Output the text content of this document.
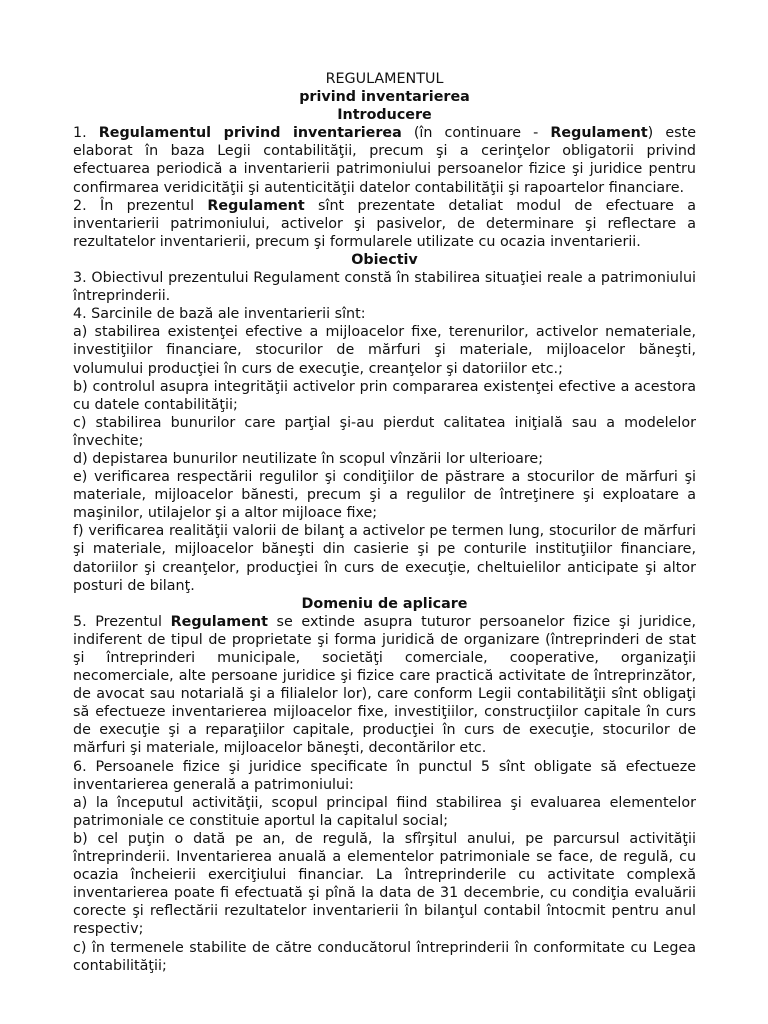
REGULAMENTUL
privind inventarierea
Introducere

1. Regulamentul privind inventarierea (în continuare - Regulament) este elaborat în baza Legii contabilităţii, precum şi a cerinţelor obligatorii privind efectuarea periodică a inventarierii patrimoniului persoanelor fizice şi juridice pentru confirmarea veridicităţii şi autenticităţii datelor contabilităţii şi rapoartelor financiare.

2. În prezentul Regulament sînt prezentate detaliat modul de efectuare a inventarierii patrimoniului, activelor şi pasivelor, de determinare şi reflectare a rezultatelor inventarierii, precum şi formularele utilizate cu ocazia inventarierii.

Obiectiv

3. Obiectivul prezentului Regulament constă în stabilirea situaţiei reale a patrimoniului întreprinderii.

4. Sarcinile de bază ale inventarierii sînt:

a) stabilirea existenţei efective a mijloacelor fixe, terenurilor, activelor nemateriale, investiţiilor financiare, stocurilor de mărfuri şi materiale, mijloacelor băneşti, volumului producţiei în curs de execuţie, creanţelor şi datoriilor etc.;

b) controlul asupra integrităţii activelor prin compararea existenţei efective a acestora cu datele contabilităţii;

c) stabilirea bunurilor care parţial şi-au pierdut calitatea iniţială sau a modelelor învechite;

d) depistarea bunurilor neutilizate în scopul vînzării lor ulterioare;

e) verificarea respectării regulilor şi condiţiilor de păstrare a stocurilor de mărfuri şi materiale, mijloacelor bănesti, precum şi a regulilor de întreţinere şi exploatare a maşinilor, utilajelor şi a altor mijloace fixe;

f) verificarea realităţii valorii de bilanţ a activelor pe termen lung, stocurilor de mărfuri şi materiale, mijloacelor băneşti din casierie şi pe conturile instituţiilor financiare, datoriilor şi creanţelor, producţiei în curs de execuţie, cheltuielilor anticipate şi altor posturi de bilanţ.

Domeniu de aplicare

5. Prezentul Regulament se extinde asupra tuturor persoanelor fizice şi juridice, indiferent de tipul de proprietate şi forma juridică de organizare (întreprinderi de stat şi întreprinderi municipale, societăţi comerciale, cooperative, organizaţii necomerciale, alte persoane juridice şi fizice care practică activitate de întreprinzător, de avocat sau notarială şi a filialelor lor), care conform Legii contabilităţii sînt obligaţi să efectueze inventarierea mijloacelor fixe, investiţiilor, construcţiilor capitale în curs de execuţie şi a reparaţiilor capitale, producţiei în curs de execuţie, stocurilor de mărfuri şi materiale, mijloacelor băneşti, decontărilor etc.

6. Persoanele fizice şi juridice specificate în punctul 5 sînt obligate să efectueze inventarierea generală a patrimoniului:

a) la începutul activităţii, scopul principal fiind stabilirea şi evaluarea elementelor patrimoniale ce constituie aportul la capitalul social;

b) cel puţin o dată pe an, de regulă, la sfîrşitul anului, pe parcursul activităţii întreprinderii. Inventarierea anuală a elementelor patrimoniale se face, de regulă, cu ocazia încheierii exerciţiului financiar. La întreprinderile cu activitate complexă inventarierea poate fi efectuată şi pînă la data de 31 decembrie, cu condiţia evaluării corecte şi reflectării rezultatelor inventarierii în bilanţul contabil întocmit pentru anul respectiv;

c) în termenele stabilite de către conducătorul întreprinderii în conformitate cu Legea contabilităţii;
